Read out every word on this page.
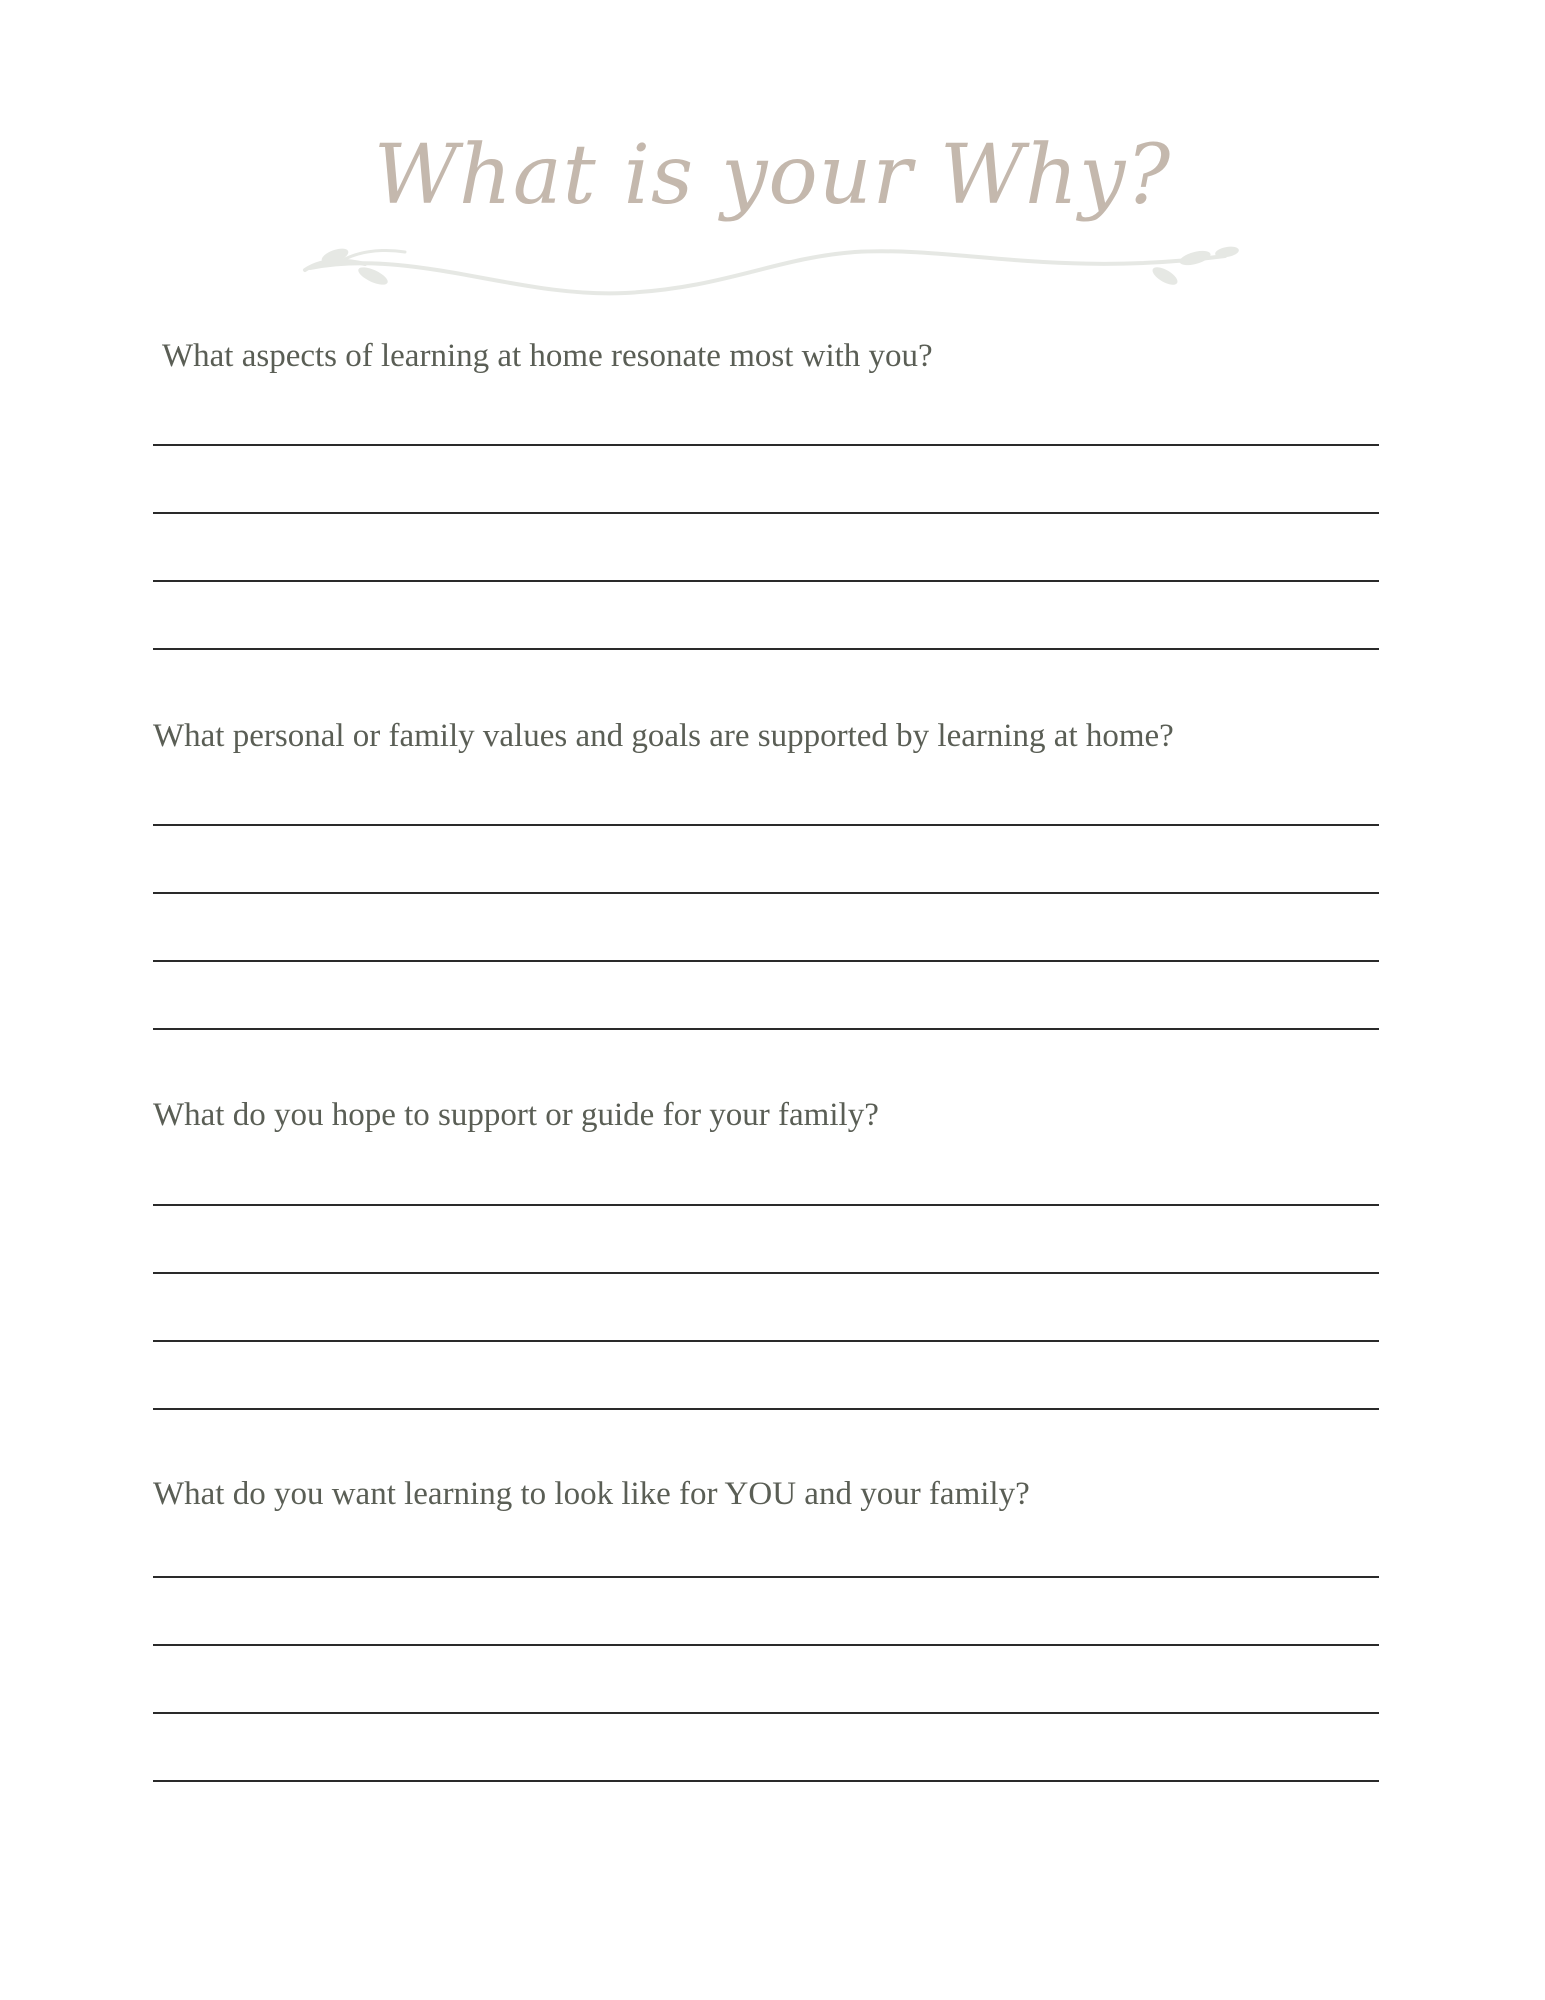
What is your Why?

What aspects of learning at home resonate most with you?

What personal or family values and goals are supported by learning at home?

What do you hope to support or guide for your family?

What do you want learning to look like for YOU and your family?
